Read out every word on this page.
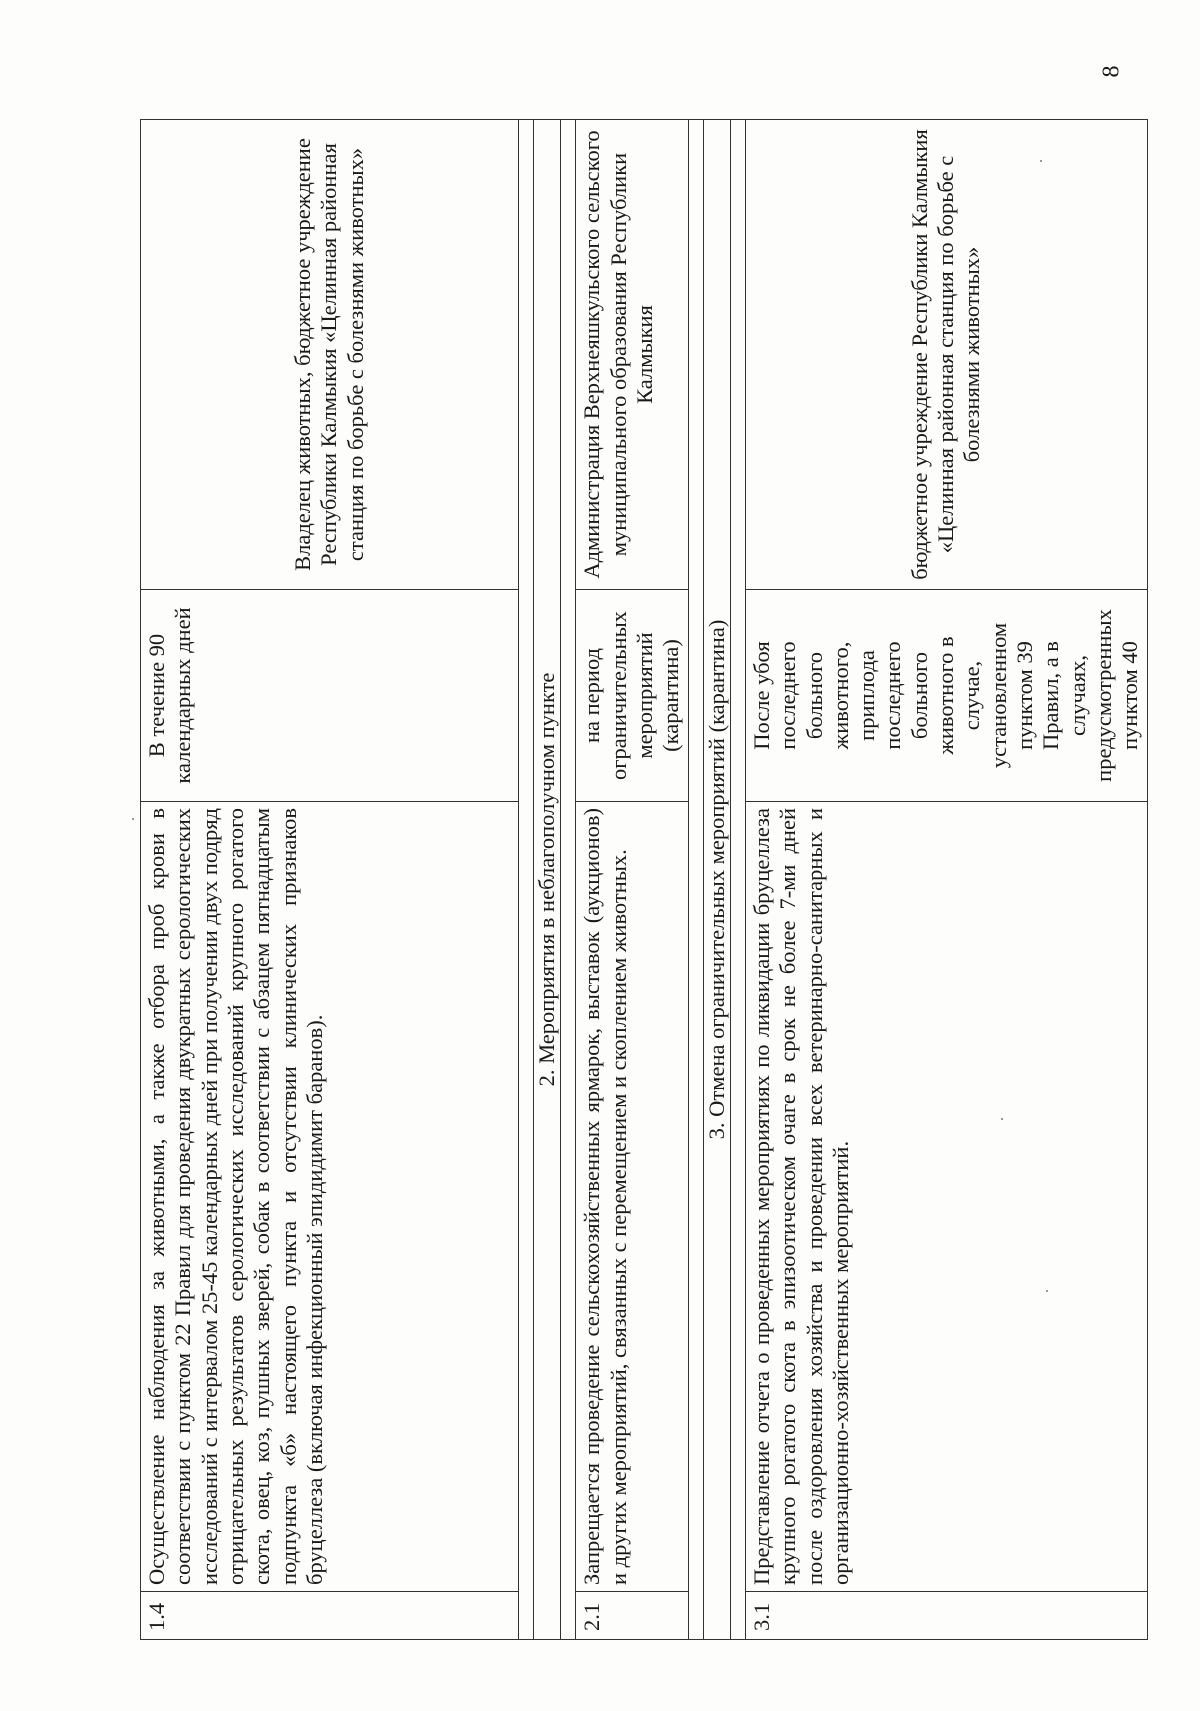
1.4	Осуществление наблюдения за животными, а также отбора проб крови в соответствии с пунктом 22 Правил для проведения двукратных серологических исследований с интервалом 25-45 календарных дней при получении двух подряд отрицательных результатов серологических исследований крупного рогатого скота, овец, коз, пушных зверей, собак в соответствии с абзацем пятнадцатым подпункта «б» настоящего пункта и отсутствии клинических признаков бруцеллеза (включая инфекционный эпидидимит баранов).	В течение 90 календарных дней	Владелец животных, бюджетное учреждение Республики Калмыкия «Целинная районная станция по борьбе с болезнями животных»

2. Мероприятия в неблагополучном пункте			

2.1	Запрещается проведение сельскохозяйственных ярмарок, выставок (аукционов) и других мероприятий, связанных с перемещением и скоплением животных.	на период ограничительных мероприятий (карантина)	Администрация Верхнеяшкульского сельского муниципального образования Республики Калмыкия

3. Отмена ограничительных мероприятий (карантина)			

3.1	Представление отчета о проведенных мероприятиях по ликвидации бруцеллеза крупного рогатого скота в эпизоотическом очаге в срок не более 7-ми дней после оздоровления хозяйства и проведении всех ветеринарно-санитарных и организационно-хозяйственных мероприятий.	После убоя последнего больного животного, приплода последнего больного животного в случае, установленном пунктом 39 Правил, а в случаях, предусмотренных пунктом 40	бюджетное учреждение Республики Калмыкия «Целинная районная станция по борьбе с болезнями животных»
8
